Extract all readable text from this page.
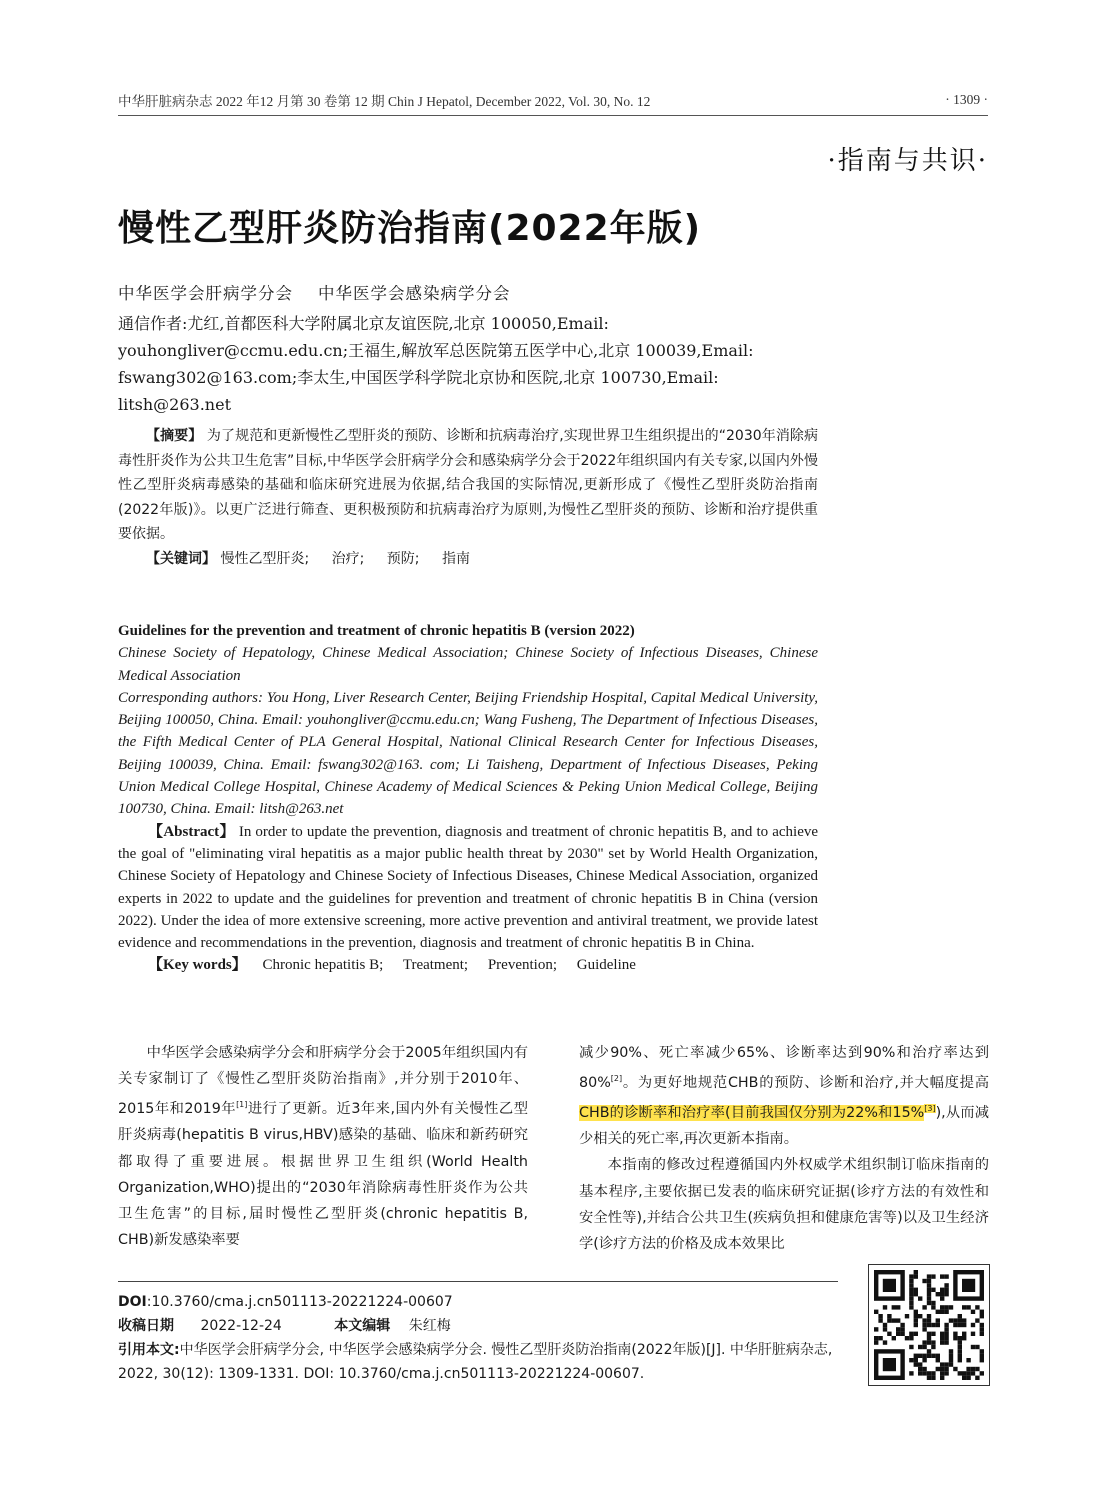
中华肝脏病杂志 2022 年12 月第 30 卷第 12 期 Chin J Hepatol, December 2022, Vol. 30, No. 12	· 1309 ·
·指南与共识·
慢性乙型肝炎防治指南(2022年版)
中华医学会肝病学分会    中华医学会感染病学分会
通信作者:尤红,首都医科大学附属北京友谊医院,北京 100050,Email: youhongliver@ccmu.edu.cn;王福生,解放军总医院第五医学中心,北京 100039,Email: fswang302@163.com;李太生,中国医学科学院北京协和医院,北京 100730,Email: litsh@263.net
【摘要】 为了规范和更新慢性乙型肝炎的预防、诊断和抗病毒治疗,实现世界卫生组织提出的“2030年消除病毒性肝炎作为公共卫生危害”目标,中华医学会肝病学分会和感染病学分会于2022年组织国内有关专家,以国内外慢性乙型肝炎病毒感染的基础和临床研究进展为依据,结合我国的实际情况,更新形成了《慢性乙型肝炎防治指南(2022年版)》。以更广泛进行筛查、更积极预防和抗病毒治疗为原则,为慢性乙型肝炎的预防、诊断和治疗提供重要依据。
【关键词】 慢性乙型肝炎; 治疗; 预防; 指南
Guidelines for the prevention and treatment of chronic hepatitis B (version 2022)
Chinese Society of Hepatology, Chinese Medical Association; Chinese Society of Infectious Diseases, Chinese Medical Association
Corresponding authors: You Hong, Liver Research Center, Beijing Friendship Hospital, Capital Medical University, Beijing 100050, China. Email: youhongliver@ccmu.edu.cn; Wang Fusheng, The Department of Infectious Diseases, the Fifth Medical Center of PLA General Hospital, National Clinical Research Center for Infectious Diseases, Beijing 100039, China. Email: fswang302@163. com; Li Taisheng, Department of Infectious Diseases, Peking Union Medical College Hospital, Chinese Academy of Medical Sciences & Peking Union Medical College, Beijing 100730, China. Email: litsh@263.net
【Abstract】 In order to update the prevention, diagnosis and treatment of chronic hepatitis B, and to achieve the goal of "eliminating viral hepatitis as a major public health threat by 2030" set by World Health Organization, Chinese Society of Hepatology and Chinese Society of Infectious Diseases, Chinese Medical Association, organized experts in 2022 to update and the guidelines for prevention and treatment of chronic hepatitis B in China (version 2022). Under the idea of more extensive screening, more active prevention and antiviral treatment, we provide latest evidence and recommendations in the prevention, diagnosis and treatment of chronic hepatitis B in China.
【Key words】 Chronic hepatitis B; Treatment; Prevention; Guideline

中华医学会感染病学分会和肝病学分会于2005年组织国内有关专家制订了《慢性乙型肝炎防治指南》,并分别于2010年、2015年和2019年[1]进行了更新。近3年来,国内外有关慢性乙型肝炎病毒(hepatitis B virus,HBV)感染的基础、临床和新药研究都取得了重要进展。根据世界卫生组织(World Health Organization,WHO)提出的“2030年消除病毒性肝炎作为公共卫生危害”的目标,届时慢性乙型肝炎(chronic hepatitis B, CHB)新发感染率要

减少90%、死亡率减少65%、诊断率达到90%和治疗率达到80%[2]。为更好地规范CHB的预防、诊断和治疗,并大幅度提高CHB的诊断率和治疗率(目前我国仅分别为22%和15%[3]),从而减少相关的死亡率,再次更新本指南。

本指南的修改过程遵循国内外权威学术组织制订临床指南的基本程序,主要依据已发表的临床研究证据(诊疗方法的有效性和安全性等),并结合公共卫生(疾病负担和健康危害等)以及卫生经济学(诊疗方法的价格及成本效果比

DOI:10.3760/cma.j.cn501113-20221224-00607
收稿日期 2022-12-24	本文编辑 朱红梅
引用本文:中华医学会肝病学分会, 中华医学会感染病学分会. 慢性乙型肝炎防治指南(2022年版)[J]. 中华肝脏病杂志, 2022, 30(12): 1309-1331. DOI: 10.3760/cma.j.cn501113-20221224-00607.
